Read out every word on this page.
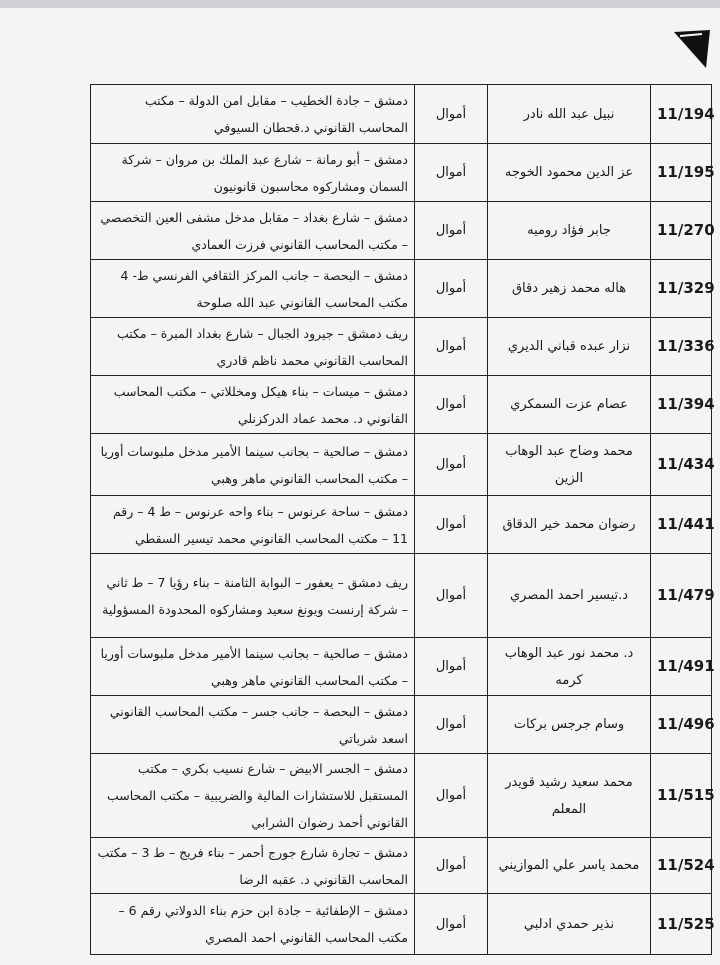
11/194	نبيل عبد الله نادر	أموال	دمشق – جادة الخطيب – مقابل امن الدولة – مكتب المحاسب القانوني د.قحطان السيوفي
11/195	عز الدين محمود الخوجه	أموال	دمشق – أبو رمانة – شارع عبد الملك بن مروان – شركة السمان ومشاركوه محاسبون قانونيون
11/270	جابر فؤاد روميه	أموال	دمشق – شارع بغداد – مقابل مدخل مشفى العين التخصصي – مكتب المحاسب القانوني فرزت العمادي
11/329	هاله محمد زهير دقاق	أموال	دمشق – البحصة – جانب المركز الثقافي الفرنسي ط- 4 مكتب المحاسب القانوني عبد الله صلوحة
11/336	نزار عبده قباني الديري	أموال	ريف دمشق – جيرود الجبال – شارع بغداد المبرة – مكتب المحاسب القانوني محمد ناظم قادري
11/394	عصام عزت السمكري	أموال	دمشق – ميسات – بناء هيكل ومخللاتي – مكتب المحاسب القانوني د. محمد عماد الدركزنلي
11/434	محمد وضاح عبد الوهاب الزين	أموال	دمشق – صالحية – بجانب سينما الأمير مدخل ملبوسات أوريا – مكتب المحاسب القانوني ماهر وهبي
11/441	رضوان محمد خير الدقاق	أموال	دمشق – ساحة عرنوس – بناء واحه عرنوس – ط 4 – رقم 11 – مكتب المحاسب القانوني محمد تيسير السقطي
11/479	د.تيسير احمد المصري	أموال	ريف دمشق – يعفور – البوابة الثامنة – بناء رؤيا 7 – ط ثاني – شركة إرنست ويونغ سعيد ومشاركوه المحدودة المسؤولية
11/491	د. محمد نور عبد الوهاب كرمه	أموال	دمشق – صالحية – بجانب سينما الأمير مدخل ملبوسات أوريا – مكتب المحاسب القانوني ماهر وهبي
11/496	وسام جرجس بركات	أموال	دمشق – البحصة – جانب جسر – مكتب المحاسب القانوني اسعد شرباتي
11/515	محمد سعيد رشيد قويدر المعلم	أموال	دمشق – الجسر الابيض – شارع نسيب بكري – مكتب المستقبل للاستشارات المالية والضريبية – مكتب المحاسب القانوني أحمد رضوان الشرابي
11/524	محمد ياسر علي الموازيني	أموال	دمشق – تجارة شارع جورج أحمر – بناء فريج – ط 3 – مكتب المحاسب القانوني د. عقبه الرضا
11/525	نذير حمدي ادلبي	أموال	دمشق – الإطفائية – جادة ابن حزم بناء الدولاتي رقم 6 – مكتب المحاسب القانوني احمد المصري
